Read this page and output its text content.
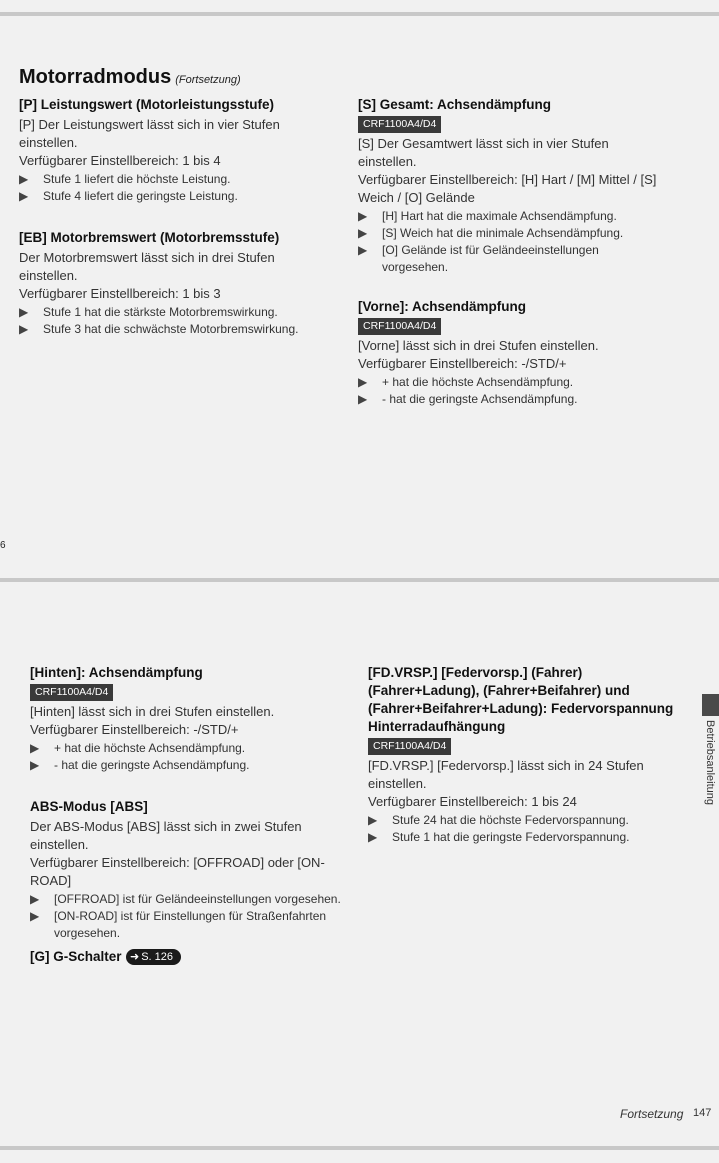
Motorradmodus (Fortsetzung)

[P] Leistungswert (Motorleistungsstufe)

[P] Der Leistungswert lässt sich in vier Stufen einstellen.

Verfügbarer Einstellbereich: 1 bis 4

▶ Stufe 1 liefert die höchste Leistung.
▶ Stufe 4 liefert die geringste Leistung.

[EB] Motorbremswert (Motorbremsstufe)

Der Motorbremswert lässt sich in drei Stufen einstellen.

Verfügbarer Einstellbereich: 1 bis 3

▶ Stufe 1 hat die stärkste Motorbremswirkung.
▶ Stufe 3 hat die schwächste Motorbremswirkung.

[S] Gesamt: Achsendämpfung

CRF1100A4/D4

[S] Der Gesamtwert lässt sich in vier Stufen einstellen.

Verfügbarer Einstellbereich: [H] Hart / [M] Mittel / [S] Weich / [O] Gelände

▶ [H] Hart hat die maximale Achsendämpfung.
▶ [S] Weich hat die minimale Achsendämpfung.
▶ [O] Gelände ist für Geländeeinstellungen vorgesehen.

[Vorne]: Achsendämpfung

CRF1100A4/D4

[Vorne] lässt sich in drei Stufen einstellen.

Verfügbarer Einstellbereich: -/STD/+

▶ + hat die höchste Achsendämpfung.
▶ - hat die geringste Achsendämpfung.
6

[Hinten]: Achsendämpfung

CRF1100A4/D4

[Hinten] lässt sich in drei Stufen einstellen.

Verfügbarer Einstellbereich: -/STD/+

▶ + hat die höchste Achsendämpfung.
▶ - hat die geringste Achsendämpfung.

ABS-Modus [ABS]

Der ABS-Modus [ABS] lässt sich in zwei Stufen einstellen.

Verfügbarer Einstellbereich: [OFFROAD] oder [ON-ROAD]

▶ [OFFROAD] ist für Geländeeinstellungen vorgesehen.
▶ [ON-ROAD] ist für Einstellungen für Straßenfahrten vorgesehen.
[G] G-Schalter ➜ S. 126

[FD.VRSP.] [Federvorsp.] (Fahrer) (Fahrer+Ladung), (Fahrer+Beifahrer) und (Fahrer+Beifahrer+Ladung): Federvorspannung Hinterradaufhängung

CRF1100A4/D4

[FD.VRSP.] [Federvorsp.] lässt sich in 24 Stufen einstellen.

Verfügbarer Einstellbereich: 1 bis 24

▶ Stufe 24 hat die höchste Federvorspannung.
▶ Stufe 1 hat die geringste Federvorspannung.
Betriebsanleitung
Fortsetzung 147
